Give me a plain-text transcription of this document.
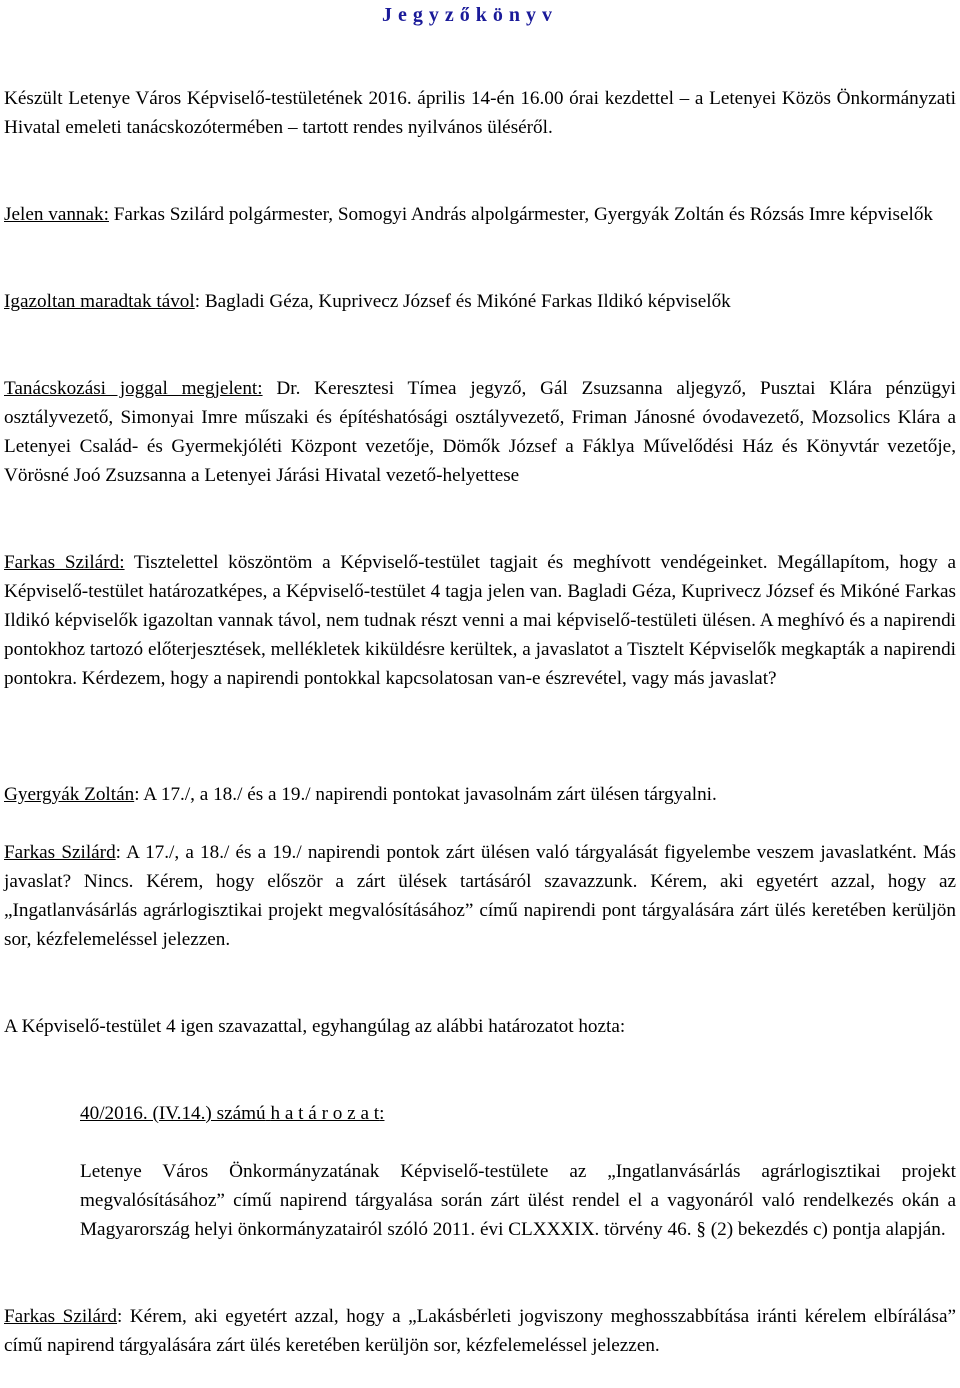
J e g y z ő k ö n y v
Készült Letenye Város Képviselő-testületének 2016. április 14-én 16.00 órai kezdettel – a Letenyei Közös Önkormányzati Hivatal emeleti tanácskozótermében – tartott rendes nyilvános üléséről.
Jelen vannak: Farkas Szilárd polgármester, Somogyi András alpolgármester, Gyergyák Zoltán és Rózsás Imre képviselők
Igazoltan maradtak távol: Bagladi Géza, Kuprivecz József és Mikóné Farkas Ildikó képviselők
Tanácskozási joggal megjelent: Dr. Keresztesi Tímea jegyző, Gál Zsuzsanna aljegyző, Pusztai Klára pénzügyi osztályvezető, Simonyai Imre műszaki és építéshatósági osztályvezető, Friman Jánosné óvodavezető, Mozsolics Klára a Letenyei Család- és Gyermekjóléti Központ vezetője, Dömők József a Fáklya Művelődési Ház és Könyvtár vezetője, Vörösné Joó Zsuzsanna a Letenyei Járási Hivatal vezető-helyettese
Farkas Szilárd: Tisztelettel köszöntöm a Képviselő-testület tagjait és meghívott vendégeinket. Megállapítom, hogy a Képviselő-testület határozatképes, a Képviselő-testület 4 tagja jelen van. Bagladi Géza, Kuprivecz József és Mikóné Farkas Ildikó képviselők igazoltan vannak távol, nem tudnak részt venni a mai képviselő-testületi ülésen. A meghívó és a napirendi pontokhoz tartozó előterjesztések, mellékletek kiküldésre kerültek, a javaslatot a Tisztelt Képviselők megkapták a napirendi pontokra. Kérdezem, hogy a napirendi pontokkal kapcsolatosan van-e észrevétel, vagy más javaslat?
Gyergyák Zoltán: A 17./, a 18./ és a 19./ napirendi pontokat javasolnám zárt ülésen tárgyalni.
Farkas Szilárd: A 17./, a 18./ és a 19./ napirendi pontok zárt ülésen való tárgyalását figyelembe veszem javaslatként. Más javaslat? Nincs. Kérem, hogy először a zárt ülések tartásáról szavazzunk. Kérem, aki egyetért azzal, hogy az „Ingatlanvásárlás agrárlogisztikai projekt megvalósításához” című napirendi pont tárgyalására zárt ülés keretében kerüljön sor, kézfelemeléssel jelezzen.
A Képviselő-testület 4 igen szavazattal, egyhangúlag az alábbi határozatot hozta:
40/2016. (IV.14.) számú h a t á r o z a t:
Letenye Város Önkormányzatának Képviselő-testülete az „Ingatlanvásárlás agrárlogisztikai projekt megvalósításához” című napirend tárgyalása során zárt ülést rendel el a vagyonáról való rendelkezés okán a Magyarország helyi önkormányzatairól szóló 2011. évi CLXXXIX. törvény 46. § (2) bekezdés c) pontja alapján.
Farkas Szilárd: Kérem, aki egyetért azzal, hogy a „Lakásbérleti jogviszony meghosszabbítása iránti kérelem elbírálása” című napirend tárgyalására zárt ülés keretében kerüljön sor, kézfelemeléssel jelezzen.
